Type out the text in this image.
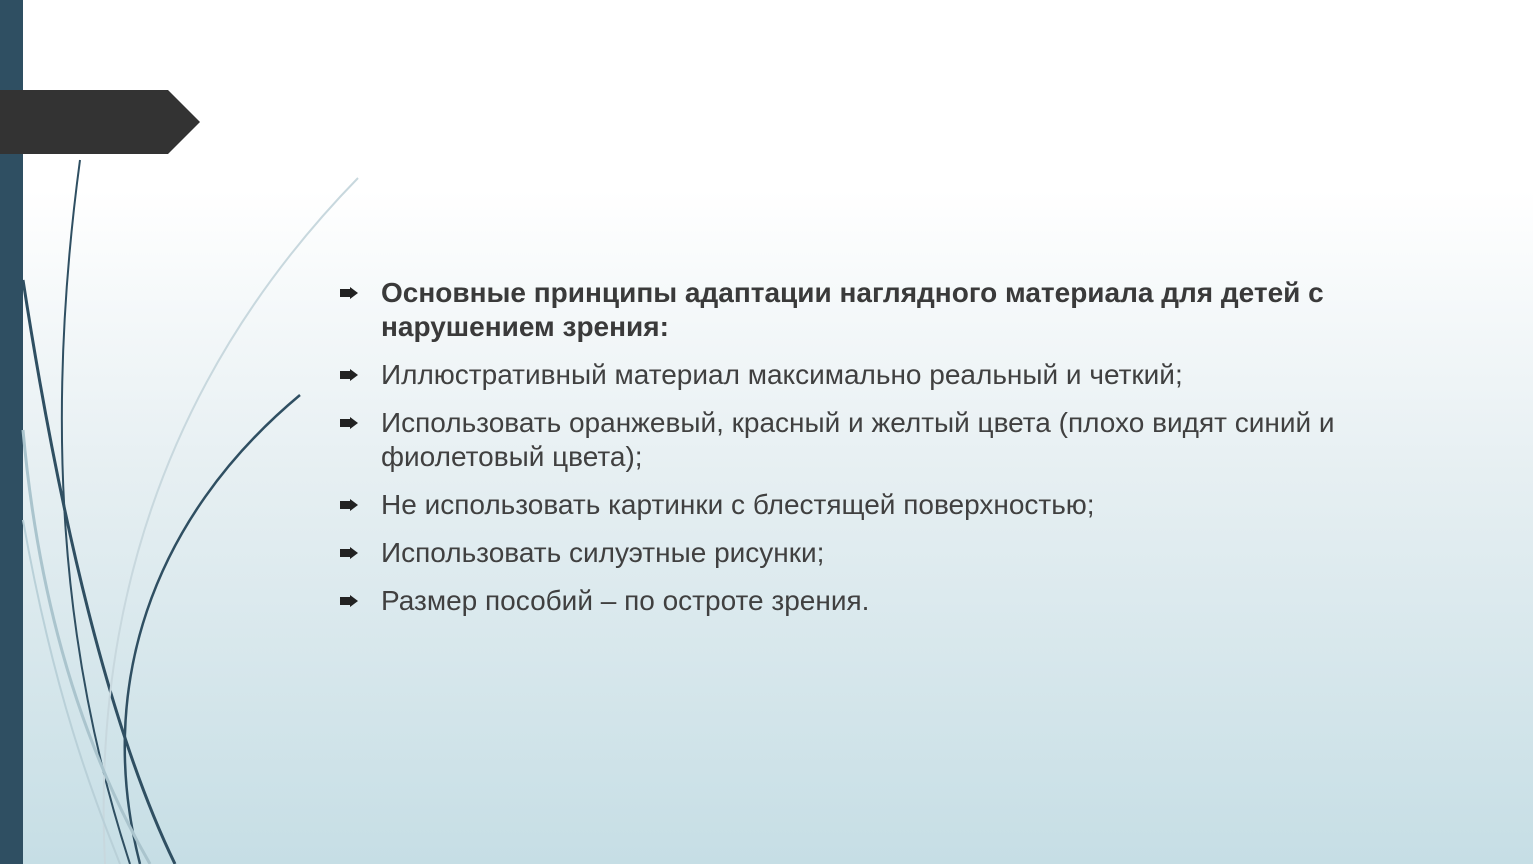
Основные принципы адаптации наглядного материала для детей с нарушением зрения:
Иллюстративный материал максимально реальный и четкий;
Использовать оранжевый, красный и желтый цвета (плохо видят синий и фиолетовый цвета);
Не использовать картинки с блестящей поверхностью;
Использовать силуэтные рисунки;
Размер пособий – по остроте зрения.
